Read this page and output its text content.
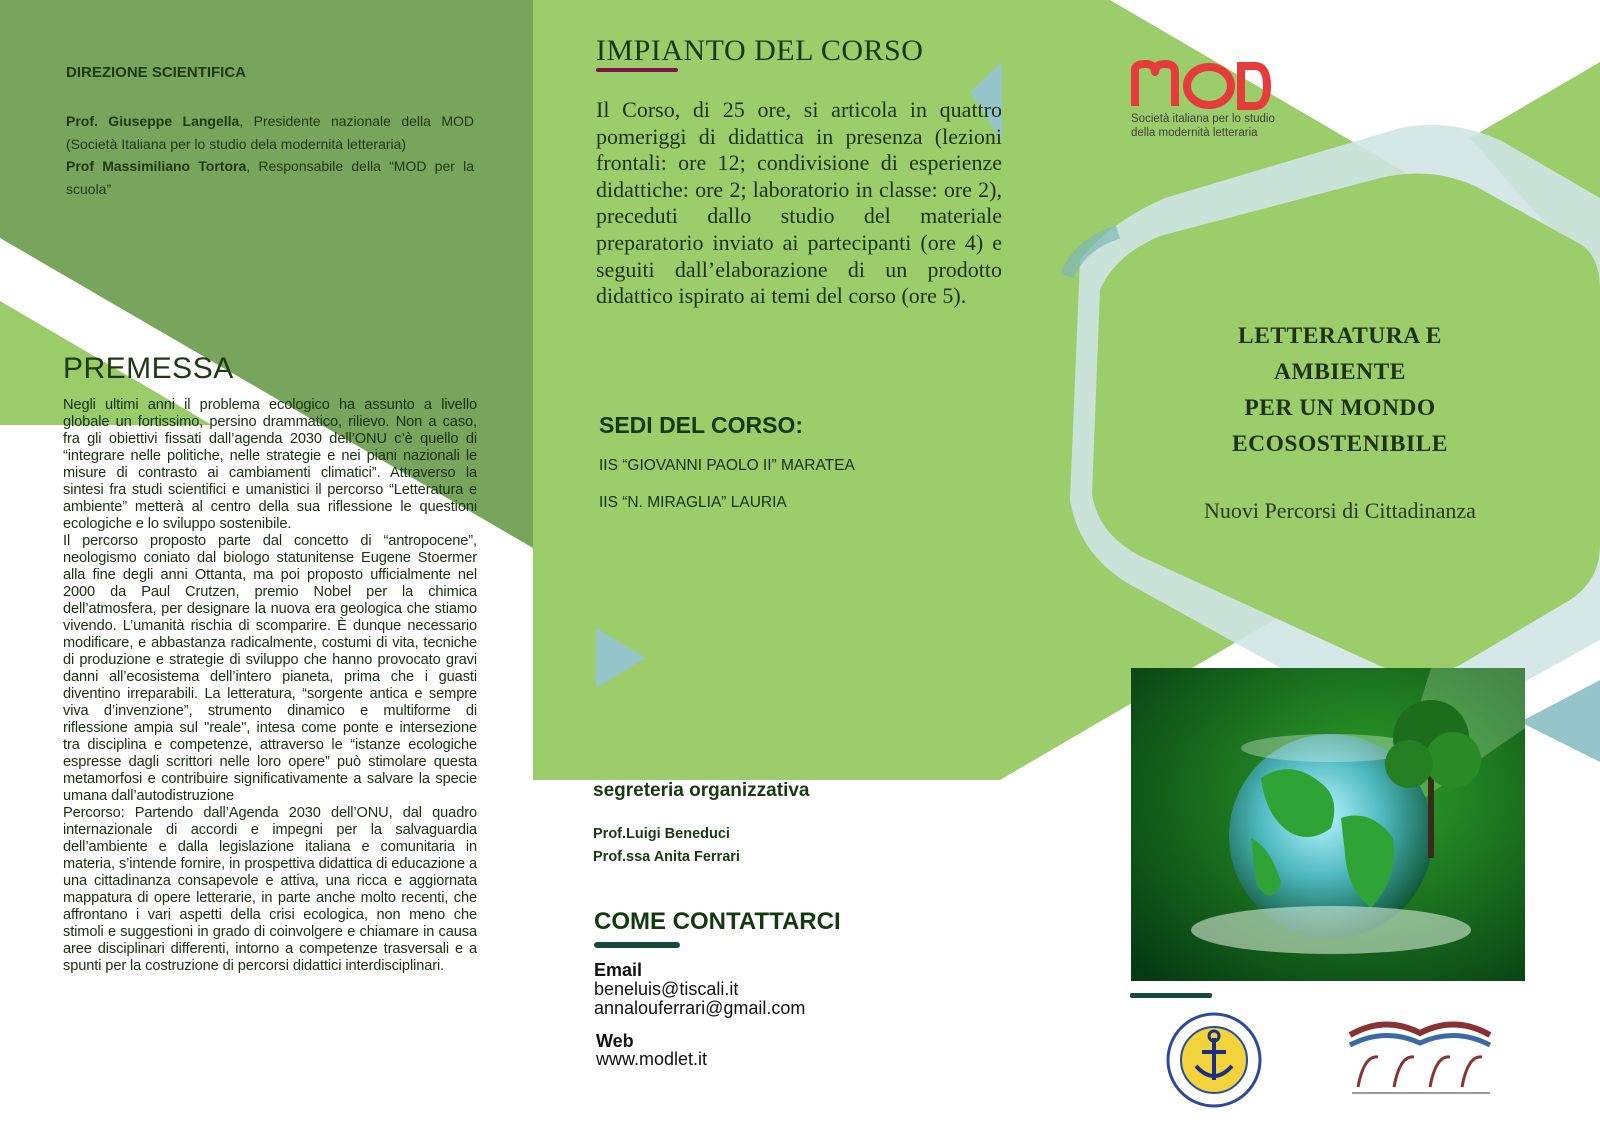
DIREZIONE SCIENTIFICA

Prof. Giuseppe Langella, Presidente nazionale della MOD (Società Italiana per lo studio dela modernità letteraria)

Prof Massimiliano Tortora, Responsabile della “MOD per la scuola”

PREMESSA

Negli ultimi anni il problema ecologico ha assunto a livello globale un fortissimo, persino drammatico, rilievo. Non a caso, fra gli obiettivi fissati dall’agenda 2030 dell’ONU c’è quello di “integrare nelle politiche, nelle strategie e nei piani nazionali le misure di contrasto ai cambiamenti climatici”. Attraverso la sintesi fra studi scientifici e umanistici il percorso “Letteratura e ambiente” metterà al centro della sua riflessione le questioni ecologiche e lo sviluppo sostenibile.

Il percorso proposto parte dal concetto di “antropocene”, neologismo coniato dal biologo statunitense Eugene Stoermer alla fine degli anni Ottanta, ma poi proposto ufficialmente nel 2000 da Paul Crutzen, premio Nobel per la chimica dell’atmosfera, per designare la nuova era geologica che stiamo vivendo. L’umanità rischia di scomparire. È dunque necessario modificare, e abbastanza radicalmente, costumi di vita, tecniche di produzione e strategie di sviluppo che hanno provocato gravi danni all’ecosistema dell’intero pianeta, prima che i guasti diventino irreparabili. La letteratura, “sorgente antica e sempre viva d’invenzione”, strumento dinamico e multiforme di riflessione ampia sul "reale", intesa come ponte e intersezione tra disciplina e competenze, attraverso le “istanze ecologiche espresse dagli scrittori nelle loro opere” può stimolare questa metamorfosi e contribuire significativamente a salvare la specie umana dall’autodistruzione

Percorso: Partendo dall’Agenda 2030 dell’ONU, dal quadro internazionale di accordi e impegni per la salvaguardia dell’ambiente e dalla legislazione italiana e comunitaria in materia, s’intende fornire, in prospettiva didattica di educazione a una cittadinanza consapevole e attiva, una ricca e aggiornata mappatura di opere letterarie, in parte anche molto recenti, che affrontano i vari aspetti della crisi ecologica, non meno che stimoli e suggestioni in grado di coinvolgere e chiamare in causa aree disciplinari differenti, intorno a competenze trasversali e a spunti per la costruzione di percorsi didattici interdisciplinari.

IMPIANTO DEL CORSO
Il Corso, di 25 ore, si articola in quattro pomeriggi di didattica in presenza (lezioni frontali: ore 12; condivisione di esperienze didattiche: ore 2; laboratorio in classe: ore 2), preceduti dallo studio del materiale preparatorio inviato ai partecipanti (ore 4) e seguiti dall’elaborazione di un prodotto didattico ispirato ai temi del corso (ore 5).
SEDI DEL CORSO:
IIS “GIOVANNI PAOLO II” MARATEA
IIS “N. MIRAGLIA” LAURIA
segreteria organizzativa
Prof.Luigi Beneduci
Prof.ssa Anita Ferrari
COME CONTATTARCI
Email
beneluis@tiscali.it
annalouferrari@gmail.com
Web
www.modlet.it
Società italiana per lo studio
della modernità letteraria
LETTERATURA E
AMBIENTE
PER UN MONDO
ECOSOSTENIBILE
Nuovi Percorsi di Cittadinanza
